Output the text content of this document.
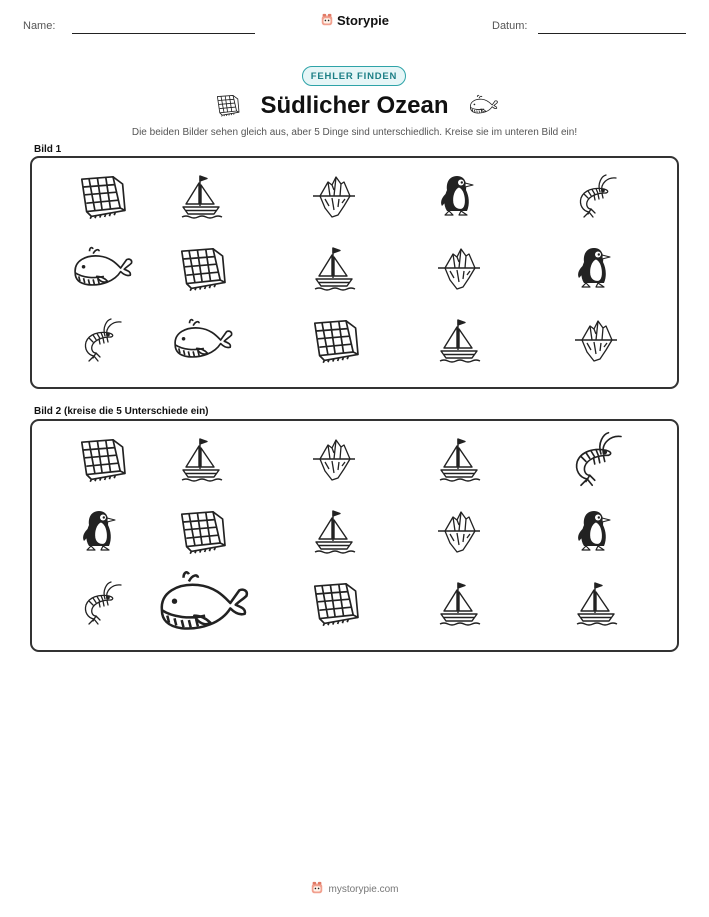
Name:	Storypie	Datum:
FEHLER FINDEN
Südlicher Ozean
Die beiden Bilder sehen gleich aus, aber 5 Dinge sind unterschiedlich. Kreise sie im unteren Bild ein!
Bild 1
Bild 2 (kreise die 5 Unterschiede ein)
mystorypie.com
